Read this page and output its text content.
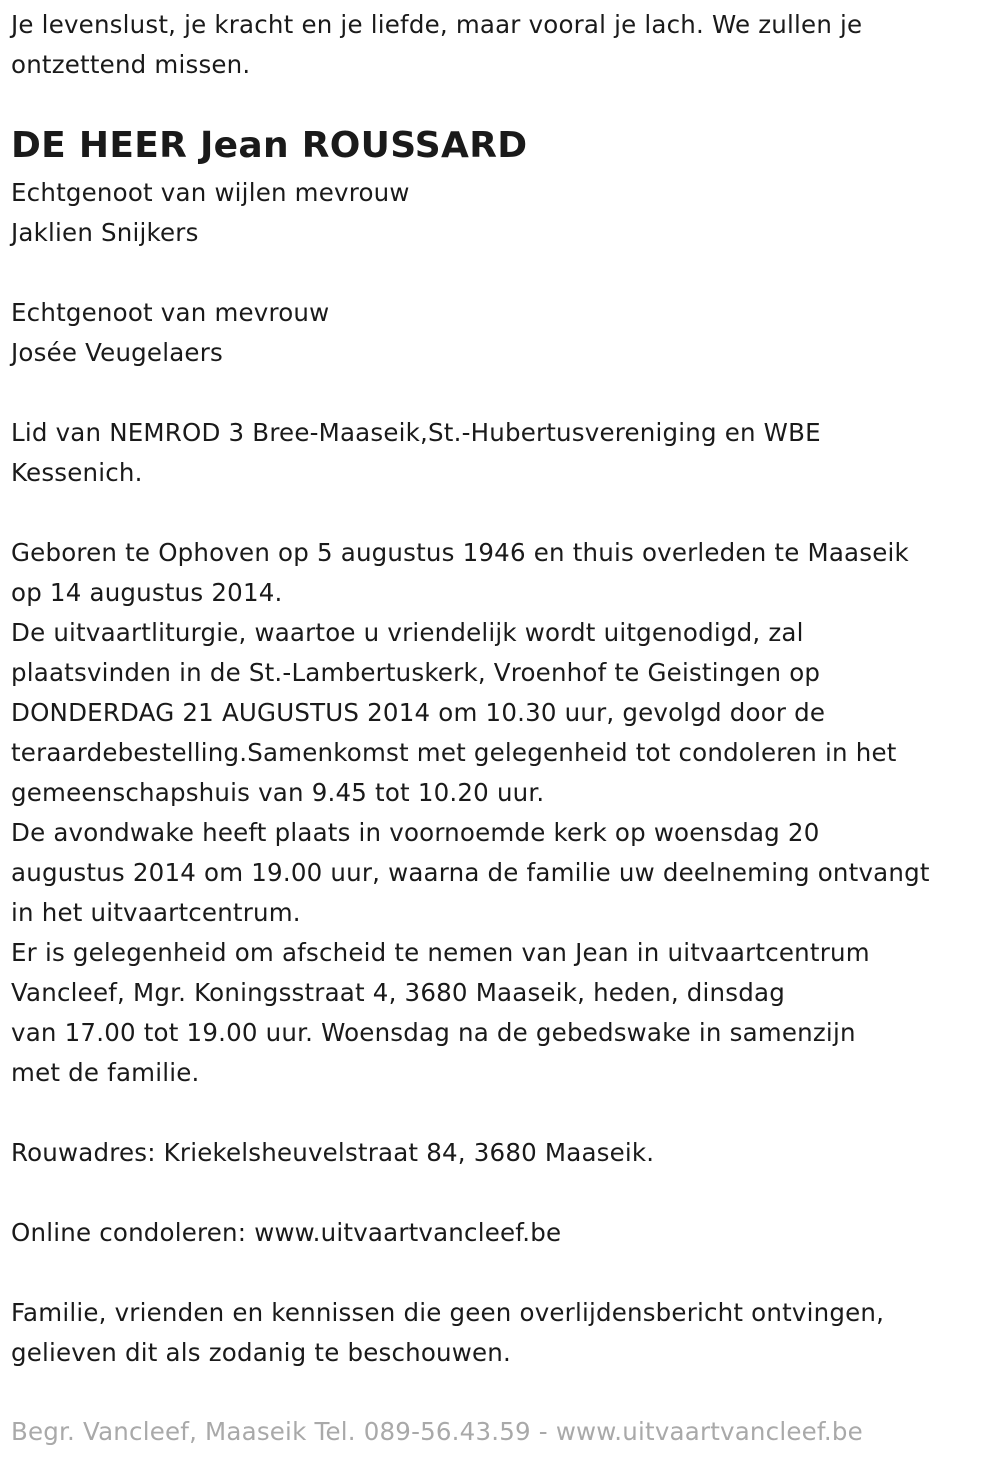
Je levenslust, je kracht en je liefde, maar vooral je lach. We zullen je
ontzettend missen.
DE HEER Jean ROUSSARD
Echtgenoot van wijlen mevrouw
Jaklien Snijkers
Echtgenoot van mevrouw
Josée Veugelaers
Lid van NEMROD 3 Bree-Maaseik,St.-Hubertusvereniging en WBE
Kessenich.
Geboren te Ophoven op 5 augustus 1946 en thuis overleden te Maaseik
op 14 augustus 2014.
De uitvaartliturgie, waartoe u vriendelijk wordt uitgenodigd, zal
plaatsvinden in de St.-Lambertuskerk, Vroenhof te Geistingen op
DONDERDAG 21 AUGUSTUS 2014 om 10.30 uur, gevolgd door de
teraardebestelling.Samenkomst met gelegenheid tot condoleren in het
gemeenschapshuis van 9.45 tot 10.20 uur.
De avondwake heeft plaats in voornoemde kerk op woensdag 20
augustus 2014 om 19.00 uur, waarna de familie uw deelneming ontvangt
in het uitvaartcentrum.
Er is gelegenheid om afscheid te nemen van Jean in uitvaartcentrum
Vancleef, Mgr. Koningsstraat 4, 3680 Maaseik, heden, dinsdag
van 17.00 tot 19.00 uur. Woensdag na de gebedswake in samenzijn
met de familie.
Rouwadres: Kriekelsheuvelstraat 84, 3680 Maaseik.
Online condoleren: www.uitvaartvancleef.be
Familie, vrienden en kennissen die geen overlijdensbericht ontvingen,
gelieven dit als zodanig te beschouwen.
Begr. Vancleef, Maaseik Tel. 089-56.43.59 - www.uitvaartvancleef.be
